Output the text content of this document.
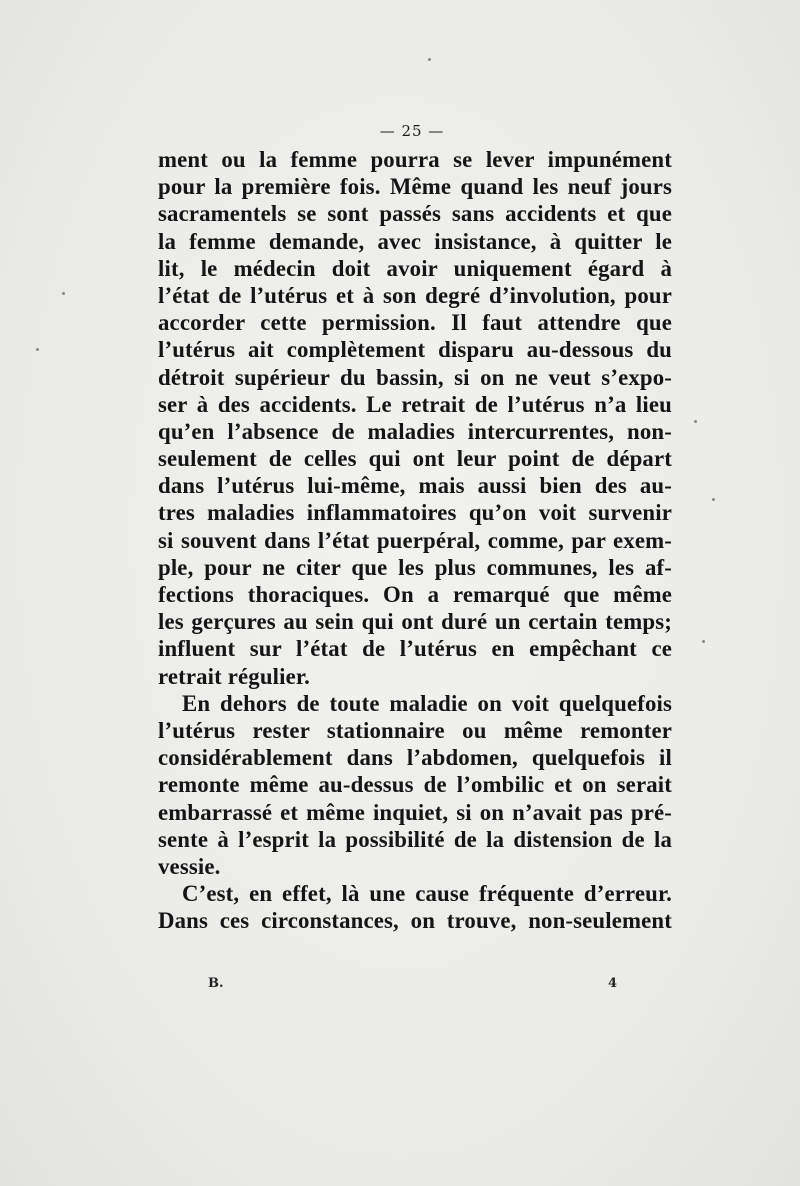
— 25 —
ment ou la femme pourra se lever impunément
pour la première fois. Même quand les neuf jours
sacramentels se sont passés sans accidents et que
la femme demande, avec insistance, à quitter le
lit, le médecin doit avoir uniquement égard à
l’état de l’utérus et à son degré d’involution, pour
accorder cette permission. Il faut attendre que
l’utérus ait complètement disparu au-dessous du
détroit supérieur du bassin, si on ne veut s’expo-
ser à des accidents. Le retrait de l’utérus n’a lieu
qu’en l’absence de maladies intercurrentes, non-
seulement de celles qui ont leur point de départ
dans l’utérus lui-même, mais aussi bien des au-
tres maladies inflammatoires qu’on voit survenir
si souvent dans l’état puerpéral, comme, par exem-
ple, pour ne citer que les plus communes, les af-
fections thoraciques. On a remarqué que même
les gerçures au sein qui ont duré un certain temps;
influent sur l’état de l’utérus en empêchant ce
retrait régulier.
En dehors de toute maladie on voit quelquefois
l’utérus rester stationnaire ou même remonter
considérablement dans l’abdomen, quelquefois il
remonte même au-dessus de l’ombilic et on serait
embarrassé et même inquiet, si on n’avait pas pré-
sente à l’esprit la possibilité de la distension de la
vessie.
C’est, en effet, là une cause fréquente d’erreur.
Dans ces circonstances, on trouve, non-seulement
B.	4
